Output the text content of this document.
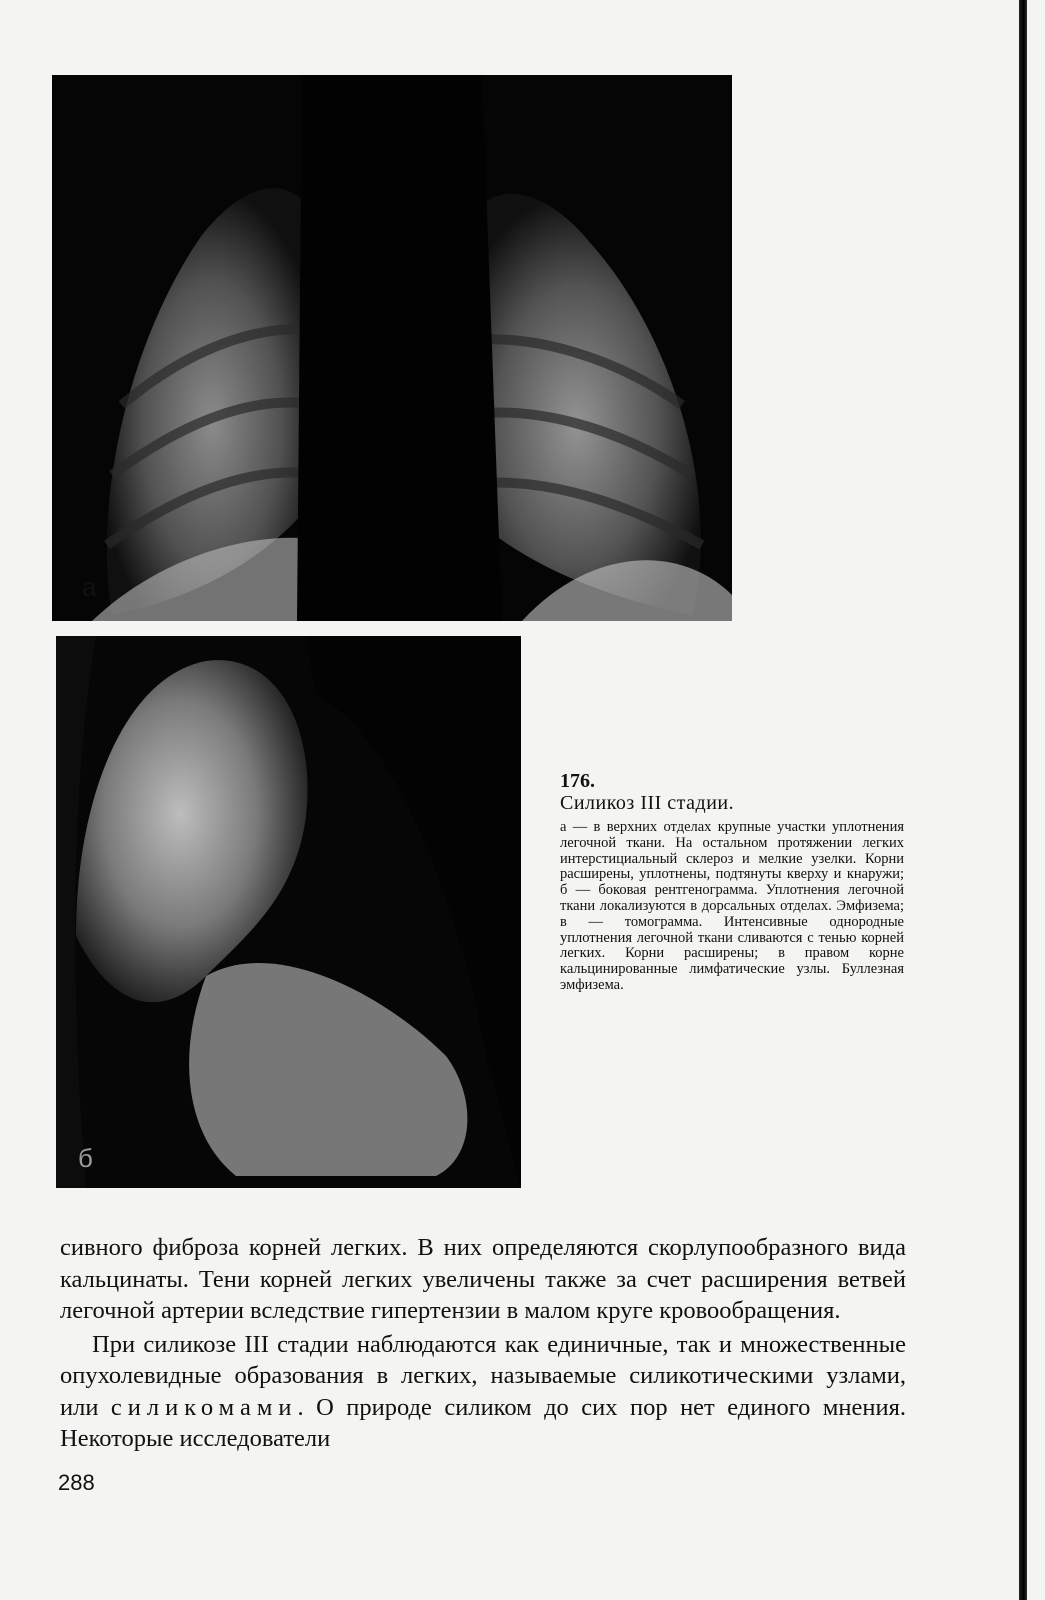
а
б
176.
Силикоз III стадии.
а — в верхних отделах крупные участки уплотнения легочной ткани. На остальном протяжении легких интерстициальный склероз и мелкие узелки. Корни расширены, уплотнены, подтянуты кверху и кнаружи; б — боковая рентгенограмма. Уплотнения легочной ткани локализуются в дорсальных отделах. Эмфизема; в — томограмма. Интенсивные однородные уплотнения легочной ткани сливаются с тенью корней легких. Корни расширены; в правом корне кальцинированные лимфатические узлы. Буллезная эмфизема.

сивного фиброза корней легких. В них определяются скорлупообразного вида кальцинаты. Тени корней легких увеличены также за счет расширения ветвей легочной артерии вследствие гипертензии в малом круге кровообращения.

При силикозе III стадии наблюдаются как единичные, так и множественные опухолевидные образования в легких, называемые силикотическими узлами, или силикомами. О природе силиком до сих пор нет единого мнения. Некоторые исследователи

288
